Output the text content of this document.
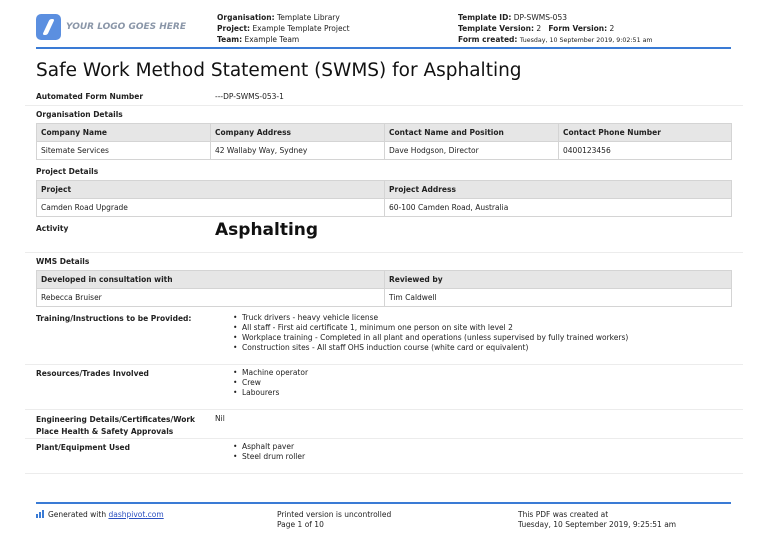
YOUR LOGO GOES HERE
Organisation: Template Library
Project: Example Template Project
Team: Example Team
Template ID: DP-SWMS-053
Template Version: 2 Form Version: 2
Form created: Tuesday, 10 September 2019, 9:02:51 am
Safe Work Method Statement (SWMS) for Asphalting
Automated Form Number	---DP-SWMS-053-1
Organisation Details
Company Name	Company Address	Contact Name and Position	Contact Phone Number
Sitemate Services	42 Wallaby Way, Sydney	Dave Hodgson, Director	0400123456
Project Details
Project	Project Address
Camden Road Upgrade	60-100 Camden Road, Australia
Activity	Asphalting
WMS Details
Developed in consultation with	Reviewed by
Rebecca Bruiser	Tim Caldwell
Training/Instructions to be Provided:	• Truck drivers - heavy vehicle license
• All staff - First aid certificate 1, minimum one person on site with level 2
• Workplace training - Completed in all plant and operations (unless supervised by fully trained workers)
• Construction sites - All staff OHS induction course (white card or equivalent)
Resources/Trades Involved	• Machine operator
• Crew
• Labourers
Engineering Details/Certificates/Work
Place Health & Safety Approvals
Nil
Plant/Equipment Used	• Asphalt paver
• Steel drum roller
Generated with dashpivot.com	Printed version is uncontrolled
Page 1 of 10
This PDF was created at
Tuesday, 10 September 2019, 9:25:51 am
